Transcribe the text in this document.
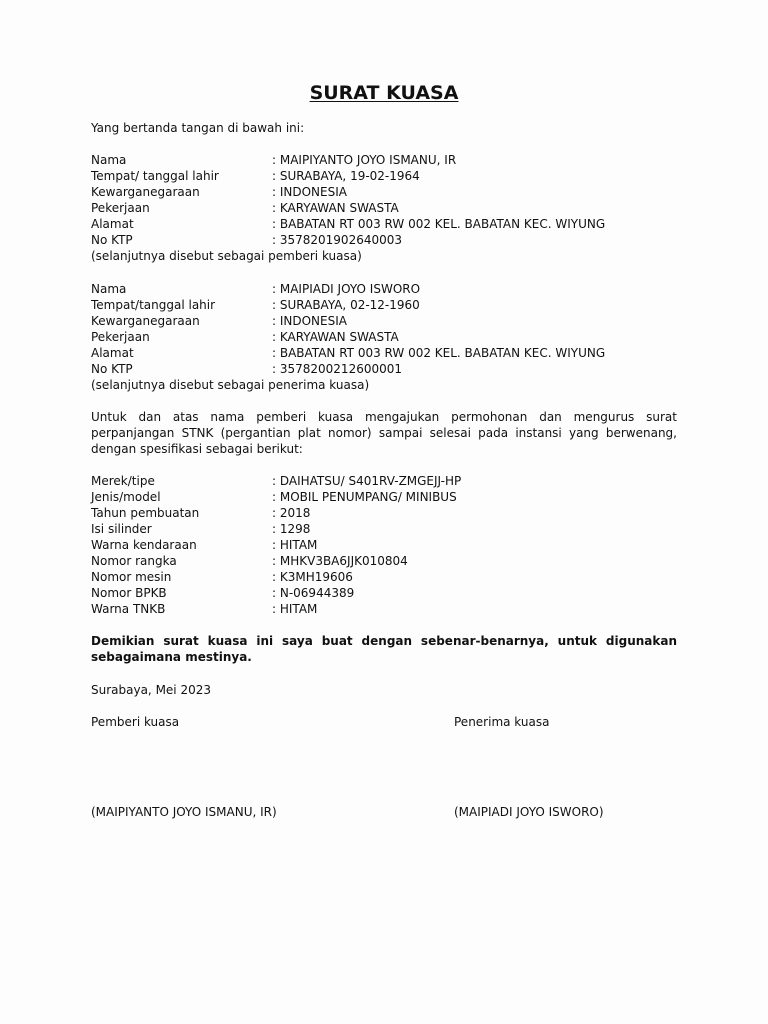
SURAT KUASA
Yang bertanda tangan di bawah ini:
Nama	: MAIPIYANTO JOYO ISMANU, IR
Tempat/ tanggal lahir	: SURABAYA, 19-02-1964
Kewarganegaraan	: INDONESIA
Pekerjaan	: KARYAWAN SWASTA
Alamat	: BABATAN RT 003 RW 002 KEL. BABATAN KEC. WIYUNG
No KTP	: 3578201902640003
(selanjutnya disebut sebagai pemberi kuasa)
Nama	: MAIPIADI JOYO ISWORO
Tempat/tanggal lahir	: SURABAYA, 02-12-1960
Kewarganegaraan	: INDONESIA
Pekerjaan	: KARYAWAN SWASTA
Alamat	: BABATAN RT 003 RW 002 KEL. BABATAN KEC. WIYUNG
No KTP	: 3578200212600001
(selanjutnya disebut sebagai penerima kuasa)
Untuk dan atas nama pemberi kuasa mengajukan permohonan dan mengurus surat perpanjangan STNK (pergantian plat nomor) sampai selesai pada instansi yang berwenang, dengan spesifikasi sebagai berikut:
Merek/tipe	: DAIHATSU/ S401RV-ZMGEJJ-HP
Jenis/model	: MOBIL PENUMPANG/ MINIBUS
Tahun pembuatan	: 2018
Isi silinder	: 1298
Warna kendaraan	: HITAM
Nomor rangka	: MHKV3BA6JJK010804
Nomor mesin	: K3MH19606
Nomor BPKB	: N-06944389
Warna TNKB	: HITAM
Demikian surat kuasa ini saya buat dengan sebenar-benarnya, untuk digunakan sebagaimana mestinya.
Surabaya, Mei 2023
Pemberi kuasa	Penerima kuasa
(MAIPIYANTO JOYO ISMANU, IR)	(MAIPIADI JOYO ISWORO)
